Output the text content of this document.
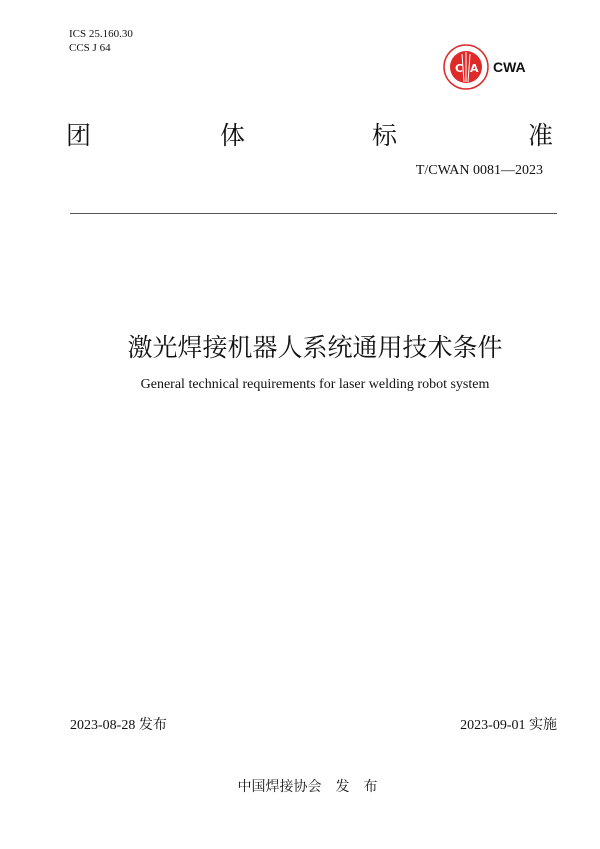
ICS 25.160.30
CCS J 64
C A CWA
团	体	标	准
T/CWAN 0081—2023
激光焊接机器人系统通用技术条件
General technical requirements for laser welding robot system
2023-08-28 发布	2023-09-01 实施
中国焊接协会　发　布
